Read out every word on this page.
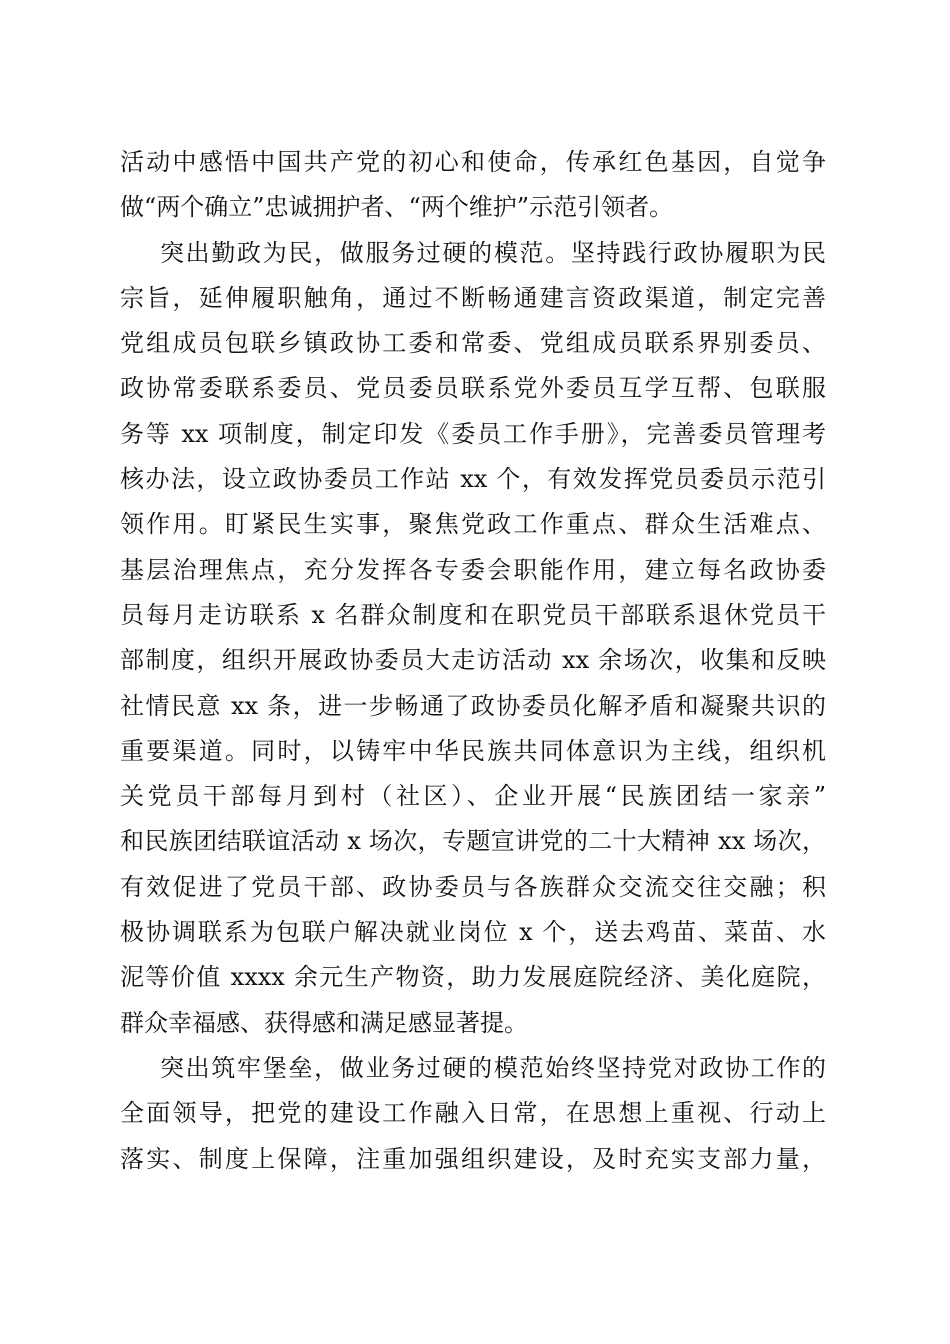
活动中感悟中国共产党的初心和使命，传承红色基因，自觉争
做“两个确立”忠诚拥护者、“两个维护”示范引领者。
突出勤政为民，做服务过硬的模范。坚持践行政协履职为民
宗旨，延伸履职触角，通过不断畅通建言资政渠道，制定完善
党组成员包联乡镇政协工委和常委、党组成员联系界别委员、
政协常委联系委员、党员委员联系党外委员互学互帮、包联服
务等 xx 项制度，制定印发《委员工作手册》，完善委员管理考
核办法，设立政协委员工作站 xx 个，有效发挥党员委员示范引
领作用。盯紧民生实事，聚焦党政工作重点、群众生活难点、
基层治理焦点，充分发挥各专委会职能作用，建立每名政协委
员每月走访联系 x 名群众制度和在职党员干部联系退休党员干
部制度，组织开展政协委员大走访活动 xx 余场次，收集和反映
社情民意 xx 条，进一步畅通了政协委员化解矛盾和凝聚共识的
重要渠道。同时，以铸牢中华民族共同体意识为主线，组织机
关党员干部每月到村（社区）、企业开展“民族团结一家亲”
和民族团结联谊活动 x 场次，专题宣讲党的二十大精神 xx 场次，
有效促进了党员干部、政协委员与各族群众交流交往交融；积
极协调联系为包联户解决就业岗位 x 个，送去鸡苗、菜苗、水
泥等价值 xxxx 余元生产物资，助力发展庭院经济、美化庭院，
群众幸福感、获得感和满足感显著提。
突出筑牢堡垒，做业务过硬的模范始终坚持党对政协工作的
全面领导，把党的建设工作融入日常，在思想上重视、行动上
落实、制度上保障，注重加强组织建设，及时充实支部力量，
